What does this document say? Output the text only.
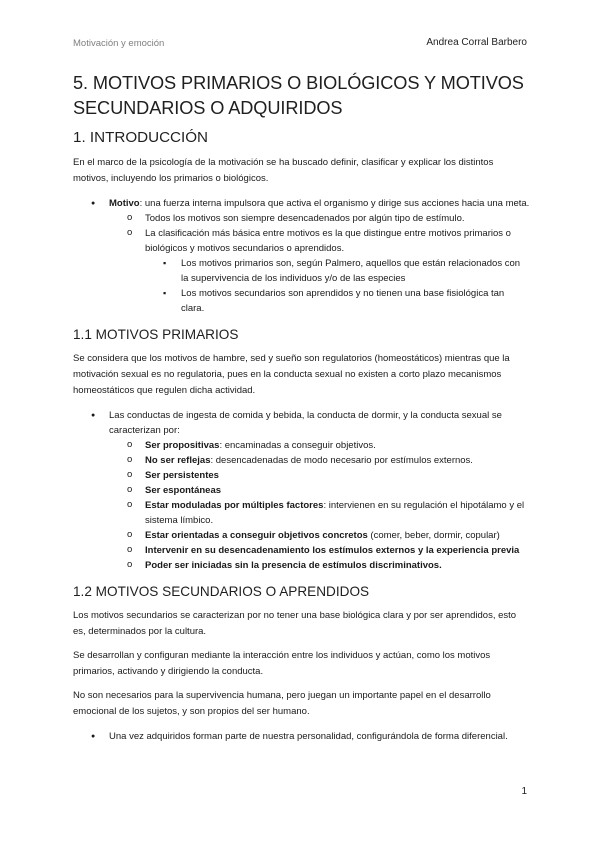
Motivación y emoción	Andrea Corral Barbero
5. MOTIVOS PRIMARIOS O BIOLÓGICOS Y MOTIVOS SECUNDARIOS O ADQUIRIDOS
1. INTRODUCCIÓN

En el marco de la psicología de la motivación se ha buscado definir, clasificar y explicar los distintos motivos, incluyendo los primarios o biológicos.

● Motivo: una fuerza interna impulsora que activa el organismo y dirige sus acciones hacia una meta.
o Todos los motivos son siempre desencadenados por algún tipo de estímulo.
o La clasificación más básica entre motivos es la que distingue entre motivos primarios o biológicos y motivos secundarios o aprendidos.
▪ Los motivos primarios son, según Palmero, aquellos que están relacionados con la supervivencia de los individuos y/o de las especies
▪ Los motivos secundarios son aprendidos y no tienen una base fisiológica tan clara.
1.1 MOTIVOS PRIMARIOS

Se considera que los motivos de hambre, sed y sueño son regulatorios (homeostáticos) mientras que la motivación sexual es no regulatoria, pues en la conducta sexual no existen a corto plazo mecanismos homeostáticos que regulen dicha actividad.

● Las conductas de ingesta de comida y bebida, la conducta de dormir, y la conducta sexual se caracterizan por:
o Ser propositivas: encaminadas a conseguir objetivos.
o No ser reflejas: desencadenadas de modo necesario por estímulos externos.
o Ser persistentes
o Ser espontáneas
o Estar moduladas por múltiples factores: intervienen en su regulación el hipotálamo y el sistema límbico.
o Estar orientadas a conseguir objetivos concretos (comer, beber, dormir, copular)
o Intervenir en su desencadenamiento los estímulos externos y la experiencia previa
o Poder ser iniciadas sin la presencia de estímulos discriminativos.
1.2 MOTIVOS SECUNDARIOS O APRENDIDOS

Los motivos secundarios se caracterizan por no tener una base biológica clara y por ser aprendidos, esto es, determinados por la cultura.

Se desarrollan y configuran mediante la interacción entre los individuos y actúan, como los motivos primarios, activando y dirigiendo la conducta.

No son necesarios para la supervivencia humana, pero juegan un importante papel en el desarrollo emocional de los sujetos, y son propios del ser humano.

● Una vez adquiridos forman parte de nuestra personalidad, configurándola de forma diferencial.
1
